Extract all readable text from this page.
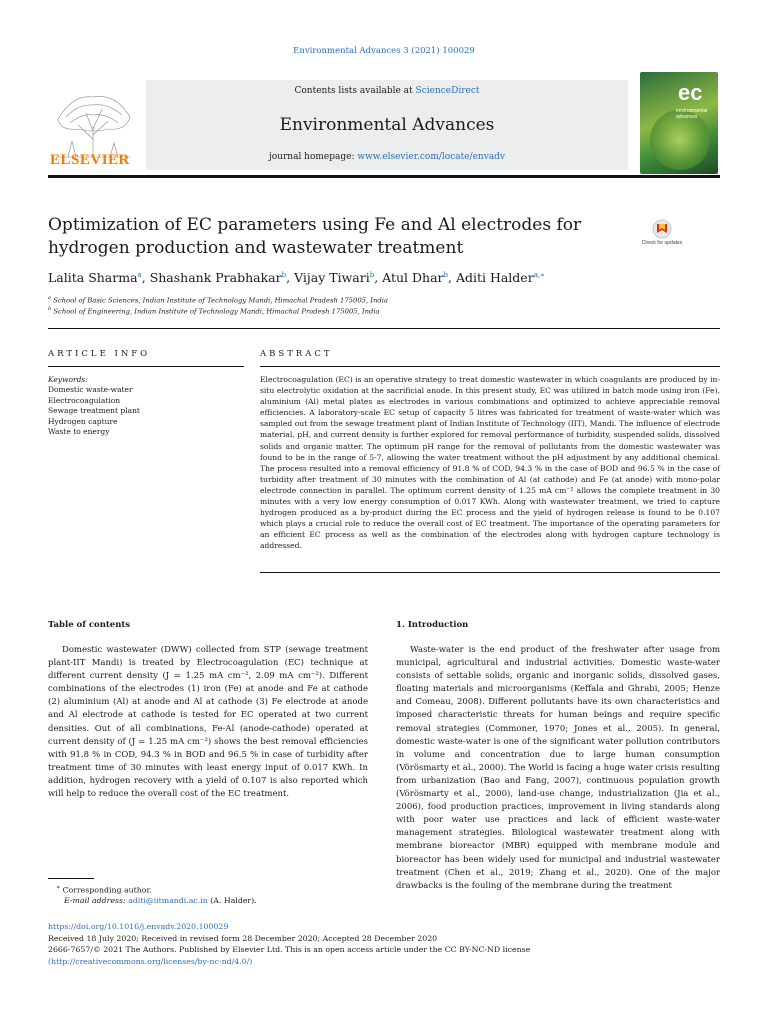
Environmental Advances 3 (2021) 100029
ELSEVIER
Contents lists available at ScienceDirect
Environmental Advances
journal homepage: www.elsevier.com/locate/envadv
ec
environmental advances
Optimization of EC parameters using Fe and Al electrodes for hydrogen production and wastewater treatment	Check for updates
Lalita Sharma$^a$, Shashank Prabhakar$^b$, Vijay Tiwari$^b$, Atul Dhar$^b$, Aditi Halder$^{a,∗}$
$^a$ School of Basic Sciences, Indian Institute of Technology Mandi, Himachal Pradesh 175005, India
$^b$ School of Engineering, Indian Institute of Technology Mandi, Himachal Pradesh 175005, India
ARTICLE INFO
Keywords:
Domestic waste-water
Electrocoagulation
Sewage treatment plant
Hydrogen capture
Waste to energy
ABSTRACT
Electrocoagulation (EC) is an operative strategy to treat domestic wastewater in which coagulants are produced by in-situ electrolytic oxidation at the sacrificial anode. In this present study, EC was utilized in batch mode using iron (Fe), aluminium (Al) metal plates as electrodes in various combinations and optimized to achieve appreciable removal efficiencies. A laboratory-scale EC setup of capacity 5 litres was fabricated for treatment of waste-water which was sampled out from the sewage treatment plant of Indian Institute of Technology (IIT), Mandi. The influence of electrode material, pH, and current density is further explored for removal performance of turbidity, suspended solids, dissolved solids and organic matter. The optimum pH range for the removal of pollutants from the domestic wastewater was found to be in the range of 5-7, allowing the water treatment without the pH adjustment by any additional chemical. The process resulted into a removal efficiency of 91.8 % of COD, 94.3 % in the case of BOD and 96.5 % in the case of turbidity after treatment of 30 minutes with the combination of Al (at cathode) and Fe (at anode) with mono-polar electrode connection in parallel. The optimum current density of 1.25 mA cm⁻² allows the complete treatment in 30 minutes with a very low energy consumption of 0.017 KWh. Along with wastewater treatment, we tried to capture hydrogen produced as a by-product during the EC process and the yield of hydrogen release is found to be 0.107 which plays a crucial role to reduce the overall cost of EC treatment. The importance of the operating parameters for an efficient EC process as well as the combination of the electrodes along with hydrogen capture technology is addressed.
Table of contents
Domestic wastewater (DWW) collected from STP (sewage treatment plant-IIT Mandi) is treated by Electrocoagulation (EC) technique at different current density (J = 1.25 mA cm⁻², 2.09 mA cm⁻²). Different combinations of the electrodes (1) iron (Fe) at anode and Fe at cathode (2) aluminium (Al) at anode and Al at cathode (3) Fe electrode at anode and Al electrode at cathode is tested for EC operated at two current densities. Out of all combinations, Fe-Al (anode-cathode) operated at current density of (J = 1.25 mA cm⁻²) shows the best removal efficiencies with 91.8 % in COD, 94.3 % in BOD and 96.5 % in case of turbidity after treatment time of 30 minutes with least energy input of 0.017 KWh. In addition, hydrogen recovery with a yield of 0.107 is also reported which will help to reduce the overall cost of the EC treatment.
1. Introduction
Waste-water is the end product of the freshwater after usage from municipal, agricultural and industrial activities. Domestic waste-water consists of settable solids, organic and inorganic solids, dissolved gases, floating materials and microorganisms (Keffala and Ghrabi, 2005; Henze and Comeau, 2008). Different pollutants have its own characteristics and imposed characteristic threats for human beings and require specific removal strategies (Commoner, 1970; Jones et al., 2005). In general, domestic waste-water is one of the significant water pollution contributors in volume and concentration due to large human consumption (Vörösmarty et al., 2000). The World is facing a huge water crisis resulting from urbanization (Bao and Fang, 2007), continuous population growth (Vörösmarty et al., 2000), land-use change, industrialization (Jia et al., 2006), food production practices, improvement in living standards along with poor water use practices and lack of efficient waste-water management strategies. Bilological wastewater treatment along with membrane bioreactor (MBR) equipped with membrane module and bioreactor has been widely used for municipal and industrial wastewater treatment (Chen et al., 2019; Zhang et al., 2020). One of the major drawbacks is the fouling of the membrane during the treatment
∗ Corresponding author.
E-mail address: aditi@iitmandi.ac.in (A. Halder).
https://doi.org/10.1016/j.envadv.2020.100029
Received 18 July 2020; Received in revised form 28 December 2020; Accepted 28 December 2020
2666-7657/© 2021 The Authors. Published by Elsevier Ltd. This is an open access article under the CC BY-NC-ND license
(http://creativecommons.org/licenses/by-nc-nd/4.0/)
